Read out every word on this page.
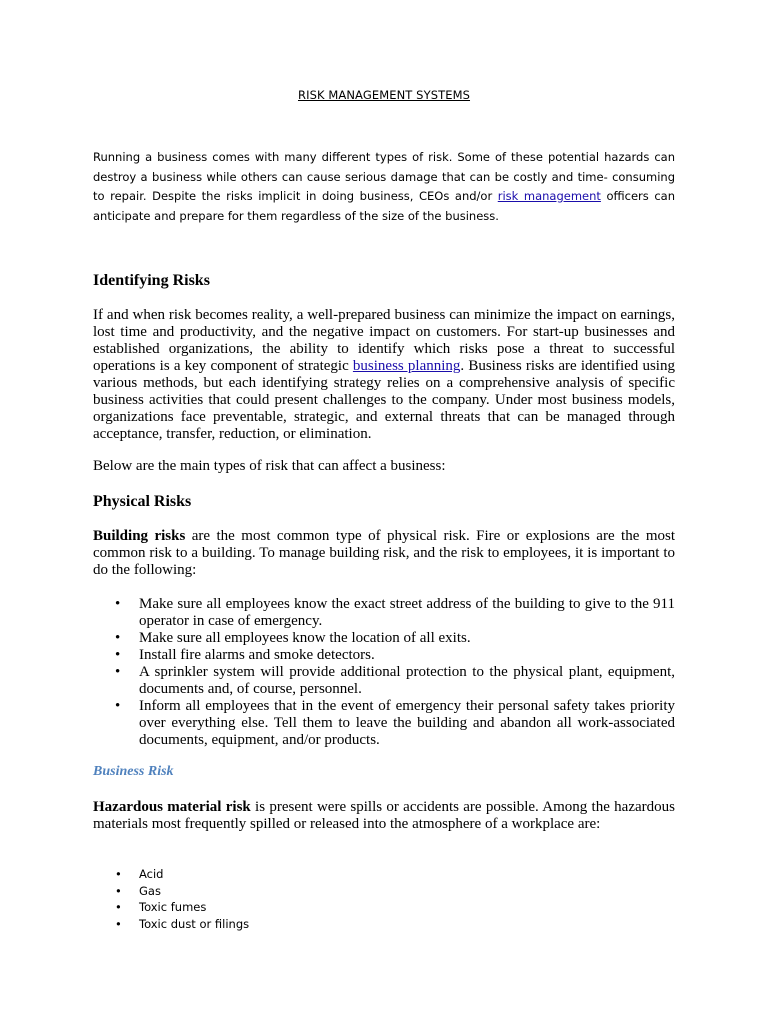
RISK MANAGEMENT SYSTEMS

Running a business comes with many different types of risk. Some of these potential hazards can destroy a business while others can cause serious damage that can be costly and time- consuming to repair. Despite the risks implicit in doing business, CEOs and/or risk management officers can anticipate and prepare for them regardless of the size of the business.

Identifying Risks

If and when risk becomes reality, a well-prepared business can minimize the impact on earnings, lost time and productivity, and the negative impact on customers. For start-up businesses and established organizations, the ability to identify which risks pose a threat to successful operations is a key component of strategic business planning. Business risks are identified using various methods, but each identifying strategy relies on a comprehensive analysis of specific business activities that could present challenges to the company. Under most business models, organizations face preventable, strategic, and external threats that can be managed through acceptance, transfer, reduction, or elimination.

Below are the main types of risk that can affect a business:

Physical Risks

Building risks are the most common type of physical risk. Fire or explosions are the most common risk to a building. To manage building risk, and the risk to employees, it is important to do the following:

• Make sure all employees know the exact street address of the building to give to the 911 operator in case of emergency.
• Make sure all employees know the location of all exits.
• Install fire alarms and smoke detectors.
• A sprinkler system will provide additional protection to the physical plant, equipment, documents and, of course, personnel.
• Inform all employees that in the event of emergency their personal safety takes priority over everything else. Tell them to leave the building and abandon all work-associated documents, equipment, and/or products.
Business Risk

Hazardous material risk is present were spills or accidents are possible. Among the hazardous materials most frequently spilled or released into the atmosphere of a workplace are:

• Acid
• Gas
• Toxic fumes
• Toxic dust or filings
